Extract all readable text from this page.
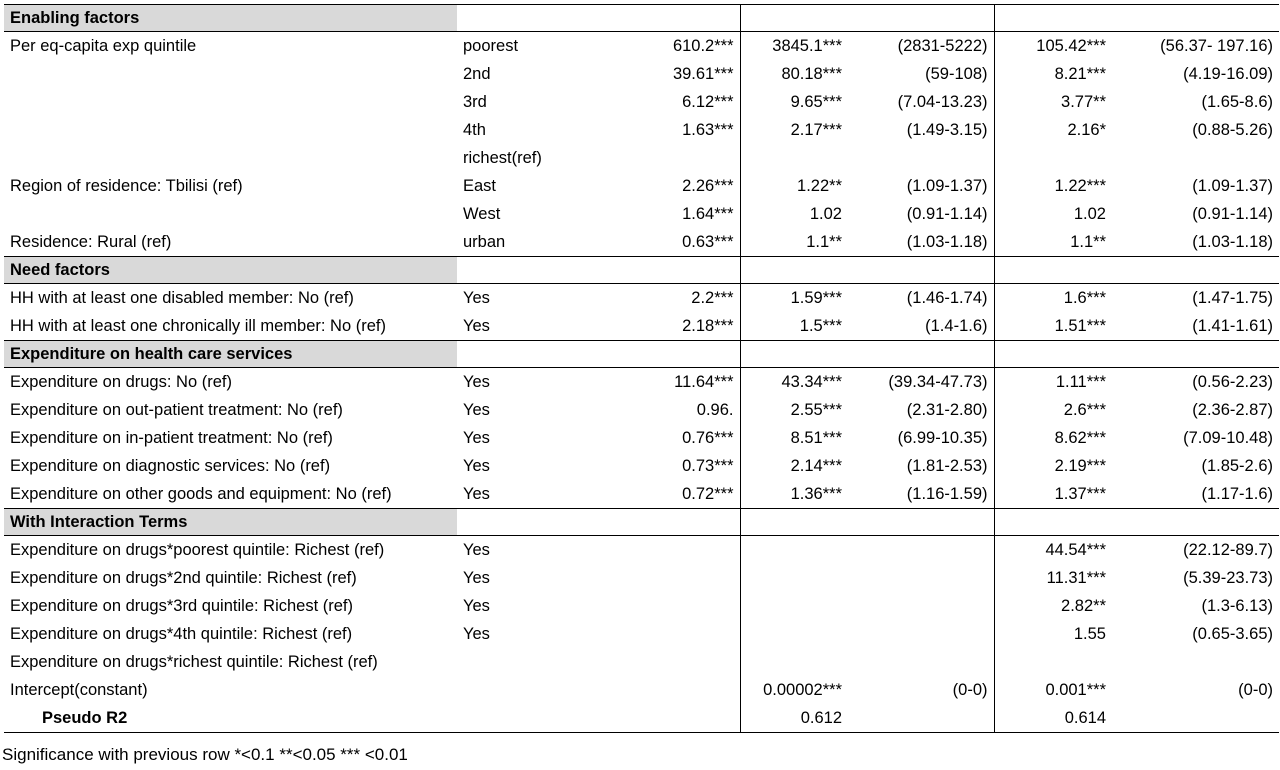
Enabling factors						
Per eq-capita exp quintile	poorest	610.2***	3845.1***	(2831-5222)	105.42***	(56.37- 197.16)
	2nd	39.61***	80.18***	(59-108)	8.21***	(4.19-16.09)
	3rd	6.12***	9.65***	(7.04-13.23)	3.77**	(1.65-8.6)
	4th	1.63***	2.17***	(1.49-3.15)	2.16*	(0.88-5.26)
	richest(ref)					
Region of residence: Tbilisi (ref)	East	2.26***	1.22**	(1.09-1.37)	1.22***	(1.09-1.37)
	West	1.64***	1.02	(0.91-1.14)	1.02	(0.91-1.14)
Residence: Rural (ref)	urban	0.63***	1.1**	(1.03-1.18)	1.1**	(1.03-1.18)
Need factors						
HH with at least one disabled member: No (ref)	Yes	2.2***	1.59***	(1.46-1.74)	1.6***	(1.47-1.75)
HH with at least one chronically ill member: No (ref)	Yes	2.18***	1.5***	(1.4-1.6)	1.51***	(1.41-1.61)
Expenditure on health care services						
Expenditure on drugs: No (ref)	Yes	11.64***	43.34***	(39.34-47.73)	1.11***	(0.56-2.23)
Expenditure on out-patient treatment: No (ref)	Yes	0.96.	2.55***	(2.31-2.80)	2.6***	(2.36-2.87)
Expenditure on in-patient treatment: No (ref)	Yes	0.76***	8.51***	(6.99-10.35)	8.62***	(7.09-10.48)
Expenditure on diagnostic services: No (ref)	Yes	0.73***	2.14***	(1.81-2.53)	2.19***	(1.85-2.6)
Expenditure on other goods and equipment: No (ref)	Yes	0.72***	1.36***	(1.16-1.59)	1.37***	(1.17-1.6)
With Interaction Terms						
Expenditure on drugs*poorest quintile: Richest (ref)	Yes				44.54***	(22.12-89.7)
Expenditure on drugs*2nd quintile: Richest (ref)	Yes				11.31***	(5.39-23.73)
Expenditure on drugs*3rd quintile: Richest (ref)	Yes				2.82**	(1.3-6.13)
Expenditure on drugs*4th quintile: Richest (ref)	Yes				1.55	(0.65-3.65)
Expenditure on drugs*richest quintile: Richest (ref)						
Intercept(constant)			0.00002***	(0-0)	0.001***	(0-0)
Pseudo R2			0.612		0.614	
Significance with previous row *<0.1 **<0.05 *** <0.01
